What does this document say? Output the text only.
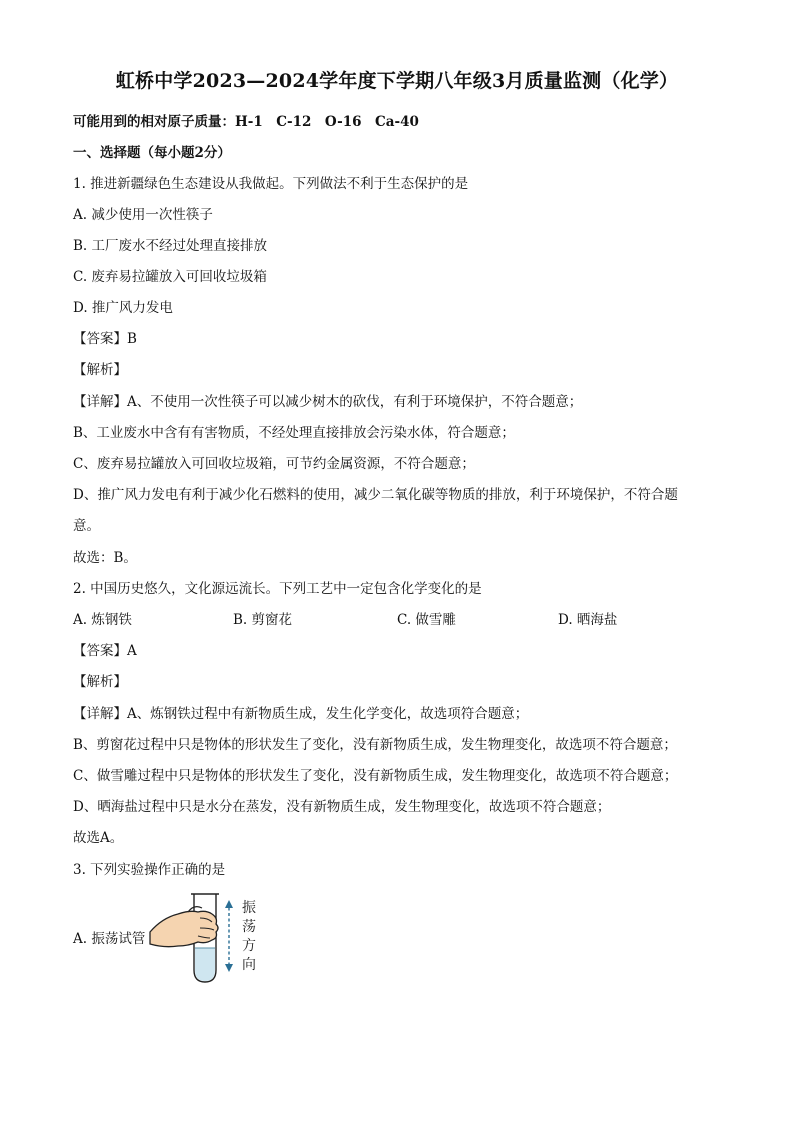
虹桥中学2023—2024学年度下学期八年级3月质量监测（化学）
可能用到的相对原子质量：H-1　C-12　O-16　Ca-40
一、选择题（每小题2分）
1. 推进新疆绿色生态建设从我做起。下列做法不利于生态保护的是
A. 减少使用一次性筷子
B. 工厂废水不经过处理直接排放
C. 废弃易拉罐放入可回收垃圾箱
D. 推广风力发电
【答案】B
【解析】
【详解】A、不使用一次性筷子可以减少树木的砍伐，有利于环境保护，不符合题意；
B、工业废水中含有有害物质，不经处理直接排放会污染水体，符合题意；
C、废弃易拉罐放入可回收垃圾箱，可节约金属资源，不符合题意；
D、推广风力发电有利于减少化石燃料的使用，减少二氧化碳等物质的排放，利于环境保护，不符合题
意。
故选：B。
2. 中国历史悠久，文化源远流长。下列工艺中一定包含化学变化的是
A. 炼钢铁	B. 剪窗花	C. 做雪雕	D. 晒海盐
【答案】A
【解析】
【详解】A、炼钢铁过程中有新物质生成，发生化学变化，故选项符合题意；
B、剪窗花过程中只是物体的形状发生了变化，没有新物质生成，发生物理变化，故选项不符合题意；
C、做雪雕过程中只是物体的形状发生了变化，没有新物质生成，发生物理变化，故选项不符合题意；
D、晒海盐过程中只是水分在蒸发，没有新物质生成，发生物理变化，故选项不符合题意；
故选A。
3. 下列实验操作正确的是
A. 振荡试管
振
荡
方
向
